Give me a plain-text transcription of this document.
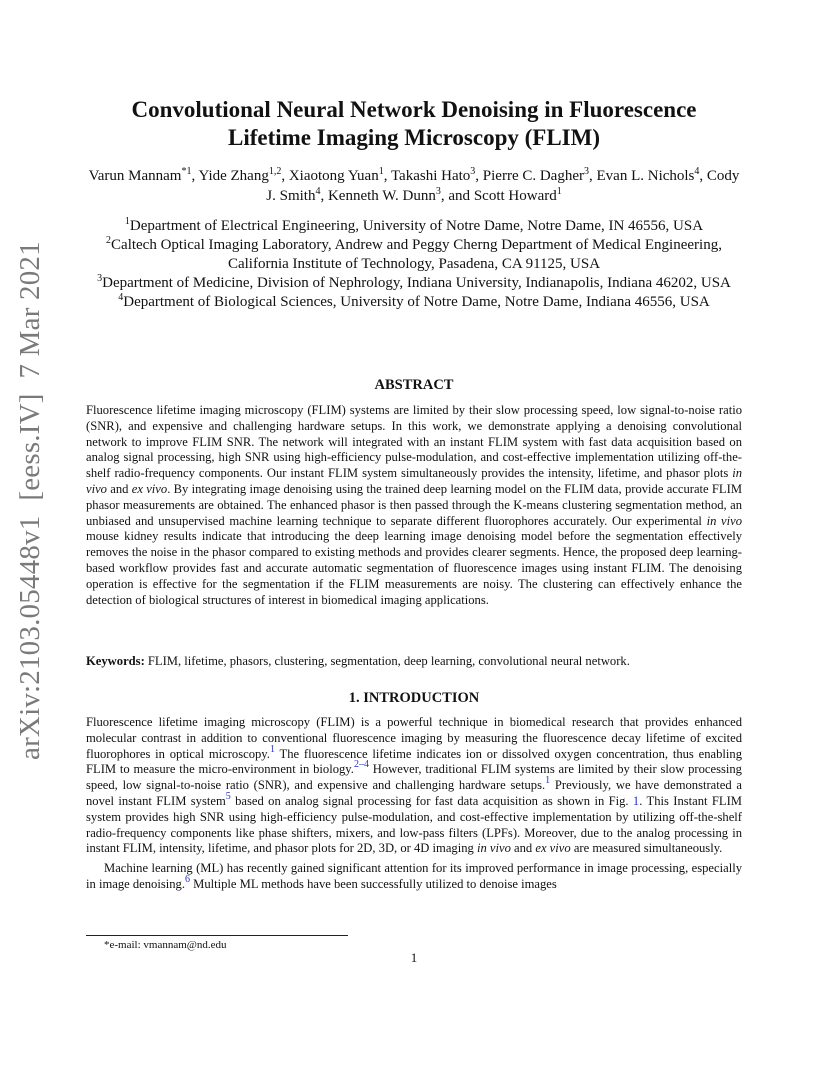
arXiv:2103.05448v1  [eess.IV]  7 Mar 2021
Convolutional Neural Network Denoising in Fluorescence
Lifetime Imaging Microscopy (FLIM)
Varun Mannam$^{*1}$, Yide Zhang$^{1,2}$, Xiaotong Yuan$^1$, Takashi Hato$^3$, Pierre C. Dagher$^3$, Evan L. Nichols$^4$, Cody J. Smith$^4$, Kenneth W. Dunn$^3$, and Scott Howard$^1$
$^1$Department of Electrical Engineering, University of Notre Dame, Notre Dame, IN 46556, USA
$^2$Caltech Optical Imaging Laboratory, Andrew and Peggy Cherng Department of Medical Engineering, California Institute of Technology, Pasadena, CA 91125, USA
$^3$Department of Medicine, Division of Nephrology, Indiana University, Indianapolis, Indiana 46202, USA
$^4$Department of Biological Sciences, University of Notre Dame, Notre Dame, Indiana 46556, USA
ABSTRACT
Fluorescence lifetime imaging microscopy (FLIM) systems are limited by their slow processing speed, low signal-to-noise ratio (SNR), and expensive and challenging hardware setups. In this work, we demonstrate applying a denoising convolutional network to improve FLIM SNR. The network will integrated with an instant FLIM system with fast data acquisition based on analog signal processing, high SNR using high-efficiency pulse-modulation, and cost-effective implementation utilizing off-the-shelf radio-frequency components. Our instant FLIM system simultaneously provides the intensity, lifetime, and phasor plots in vivo and ex vivo. By integrating image denoising using the trained deep learning model on the FLIM data, provide accurate FLIM phasor measurements are obtained. The enhanced phasor is then passed through the K-means clustering segmentation method, an unbiased and unsupervised machine learning technique to separate different fluorophores accurately. Our experimental in vivo mouse kidney results indicate that introducing the deep learning image denoising model before the segmentation effectively removes the noise in the phasor compared to existing methods and provides clearer segments. Hence, the proposed deep learning-based workflow provides fast and accurate automatic segmentation of fluorescence images using instant FLIM. The denoising operation is effective for the segmentation if the FLIM measurements are noisy. The clustering can effectively enhance the detection of biological structures of interest in biomedical imaging applications.
Keywords: FLIM, lifetime, phasors, clustering, segmentation, deep learning, convolutional neural network.
1. INTRODUCTION

Fluorescence lifetime imaging microscopy (FLIM) is a powerful technique in biomedical research that provides enhanced molecular contrast in addition to conventional fluorescence imaging by measuring the fluorescence decay lifetime of excited fluorophores in optical microscopy.$^1$ The fluorescence lifetime indicates ion or dissolved oxygen concentration, thus enabling FLIM to measure the micro-environment in biology.$^{2-4}$ However, traditional FLIM systems are limited by their slow processing speed, low signal-to-noise ratio (SNR), and expensive and challenging hardware setups.$^1$ Previously, we have demonstrated a novel instant FLIM system$^5$ based on analog signal processing for fast data acquisition as shown in Fig. 1. This Instant FLIM system provides high SNR using high-efficiency pulse-modulation, and cost-effective implementation by utilizing off-the-shelf radio-frequency components like phase shifters, mixers, and low-pass filters (LPFs). Moreover, due to the analog processing in instant FLIM, intensity, lifetime, and phasor plots for 2D, 3D, or 4D imaging in vivo and ex vivo are measured simultaneously.

Machine learning (ML) has recently gained significant attention for its improved performance in image processing, especially in image denoising.$^6$ Multiple ML methods have been successfully utilized to denoise images

*e-mail: vmannam@nd.edu
1
